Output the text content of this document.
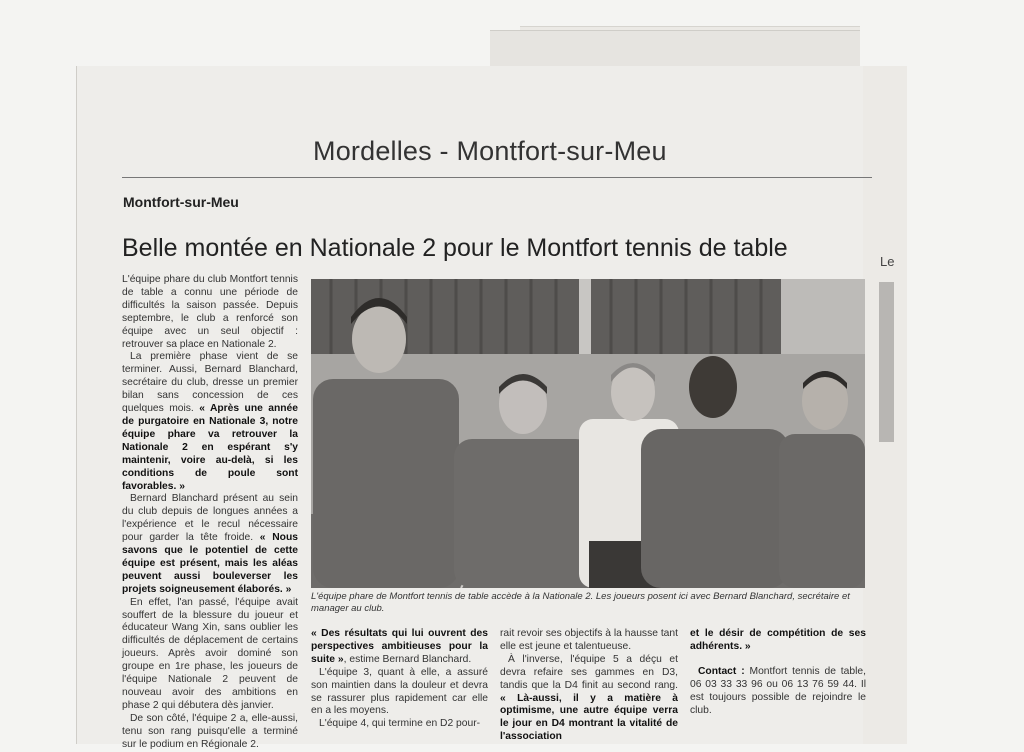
Le
Mordelles - Montfort-sur-Meu
Montfort-sur-Meu
Belle montée en Nationale 2 pour le Montfort tennis de table

L'équipe phare du club Montfort tennis de table a connu une période de difficultés la saison passée. Depuis septembre, le club a renforcé son équipe avec un seul objectif : retrouver sa place en Nationale 2.

La première phase vient de se terminer. Aussi, Bernard Blanchard, secrétaire du club, dresse un premier bilan sans concession de ces quelques mois. « Après une année de purgatoire en Nationale 3, notre équipe phare va retrouver la Nationale 2 en espérant s'y maintenir, voire au-delà, si les conditions de poule sont favorables. »

Bernard Blanchard présent au sein du club depuis de longues années a l'expérience et le recul nécessaire pour garder la tête froide. « Nous savons que le potentiel de cette équipe est présent, mais les aléas peuvent aussi bouleverser les projets soigneusement élaborés. »

En effet, l'an passé, l'équipe avait souffert de la blessure du joueur et éducateur Wang Xin, sans oublier les difficultés de déplacement de certains joueurs. Après avoir dominé son groupe en 1re phase, les joueurs de l'équipe Nationale 2 peuvent de nouveau avoir des ambitions en phase 2 qui débutera dès janvier.

De son côté, l'équipe 2 a, elle-aussi, tenu son rang puisqu'elle a terminé sur le podium en Régionale 2.

L'équipe phare de Montfort tennis de table accède à la Nationale 2. Les joueurs posent ici avec Bernard Blanchard, secrétaire et manager au club.

« Des résultats qui lui ouvrent des perspectives ambitieuses pour la suite », estime Bernard Blanchard.

L'équipe 3, quant à elle, a assuré son maintien dans la douleur et devra se rassurer plus rapidement car elle en a les moyens.

L'équipe 4, qui termine en D2 pour-

rait revoir ses objectifs à la hausse tant elle est jeune et talentueuse.

À l'inverse, l'équipe 5 a déçu et devra refaire ses gammes en D3, tandis que la D4 finit au second rang. « Là-aussi, il y a matière à optimisme, une autre équipe verra le jour en D4 montrant la vitalité de l'association

et le désir de compétition de ses adhérents. »

Contact : Montfort tennis de table, 06 03 33 33 96 ou 06 13 76 59 44. Il est toujours possible de rejoindre le club.
